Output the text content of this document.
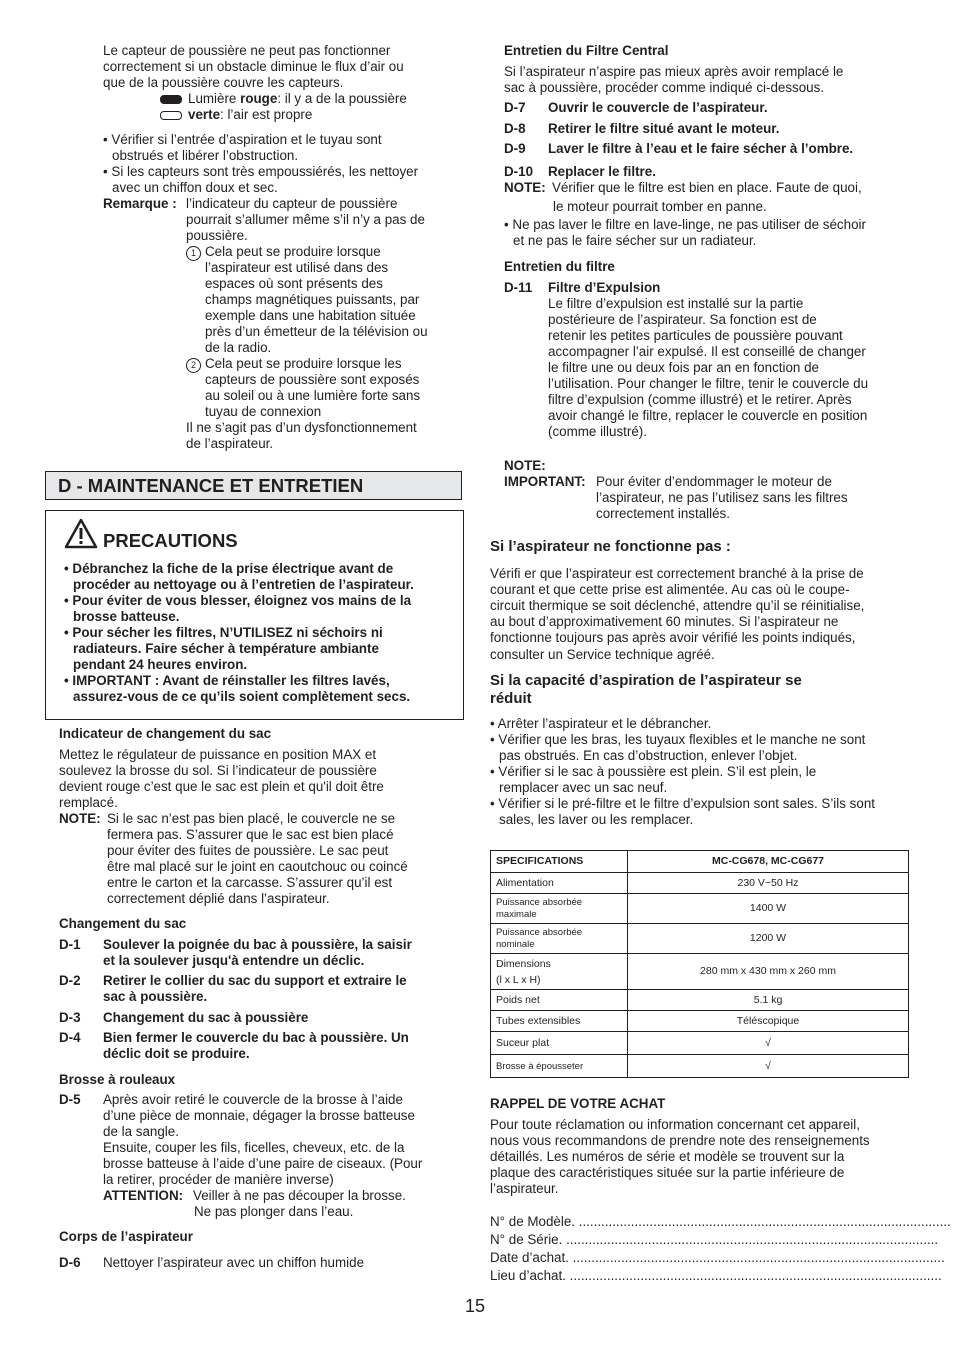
Le capteur de poussière ne peut pas fonctionner

correctement si un obstacle diminue le flux d’air ou

que de la poussière couvre les capteurs.

Lumière rouge: il y a de la poussière
verte: l’air est propre

• Vérifier si l’entrée d’aspiration et le tuyau sont

obstrués et libérer l’obstruction.

• Si les capteurs sont très empoussiérés, les nettoyer

avec un chiffon doux et sec.

Remarque : l’indicateur du capteur de poussière

pourrait s’allumer même s’il n’y a pas de

poussière.

1 Cela peut se produire lorsque

l’aspirateur est utilisé dans des

espaces où sont présents des

champs magnétiques puissants, par

exemple dans une habitation située

près d’un émetteur de la télévision ou

de la radio.

2 Cela peut se produire lorsque les

capteurs de poussière sont exposés

au soleil ou à une lumière forte sans

tuyau de connexion

Il ne s’agit pas d’un dysfonctionnement

de l’aspirateur.

D - MAINTENANCE ET ENTRETIEN
PRECAUTIONS

• Débranchez la fiche de la prise électrique avant de

procéder au nettoyage ou à l’entretien de l’aspirateur.

• Pour éviter de vous blesser, éloignez vos mains de la

brosse batteuse.

• Pour sécher les filtres, N’UTILISEZ ni séchoirs ni

radiateurs. Faire sécher à température ambiante

pendant 24 heures environ.

• IMPORTANT : Avant de réinstaller les filtres lavés,

assurez-vous de ce qu’ils soient complètement secs.

Indicateur de changement du sac

Mettez le régulateur de puissance en position MAX et

soulevez la brosse du sol. Si l’indicateur de poussière

devient rouge c’est que le sac est plein et qu'il doit être

remplacé.

NOTE: Si le sac n’est pas bien placé, le couvercle ne se

fermera pas. S’assurer que le sac est bien placé

pour éviter des fuites de poussière. Le sac peut

être mal placé sur le joint en caoutchouc ou coincé

entre le carton et la carcasse. S’assurer qu’il est

correctement déplié dans l’aspirateur.

Changement du sac
D-1 Soulever la poignée du bac à poussière, la saisir

et la soulever jusqu'à entendre un déclic.

D-2 Retirer le collier du sac du support et extraire le

sac à poussière.

D-3 Changement du sac à poussière

D-4 Bien fermer le couvercle du bac à poussière. Un

déclic doit se produire.

Brosse à rouleaux
D-5 Après avoir retiré le couvercle de la brosse à l’aide

d’une pièce de monnaie, dégager la brosse batteuse

de la sangle.

Ensuite, couper les fils, ficelles, cheveux, etc. de la

brosse batteuse à l’aide d’une paire de ciseaux. (Pour

la retirer, procéder de manière inverse)

ATTENTION: Veiller à ne pas découper la brosse.
Ne pas plonger dans l’eau.
Corps de l’aspirateur
D-6 Nettoyer l’aspirateur avec un chiffon humide

Entretien du Filtre Central

Si l’aspirateur n’aspire pas mieux après avoir remplacé le

sac à poussière, procéder comme indiqué ci-dessous.

D-7 Ouvrir le couvercle de l’aspirateur.
D-8 Retirer le filtre situé avant le moteur.
D-9 Laver le filtre à l’eau et le faire sécher à l’ombre.
D-10 Replacer le filtre.
NOTE: Vérifier que le filtre est bien en place. Faute de quoi,
le moteur pourrait tomber en panne.

• Ne pas laver le filtre en lave-linge, ne pas utiliser de séchoir

et ne pas le faire sécher sur un radiateur.

Entretien du filtre
D-11 Filtre d’Expulsion

Le filtre d’expulsion est installé sur la partie

postérieure de l’aspirateur. Sa fonction est de

retenir les petites particules de poussière pouvant

accompagner l’air expulsé. Il est conseillé de changer

le filtre une ou deux fois par an en fonction de

l’utilisation. Pour changer le filtre, tenir le couvercle du

filtre d’expulsion (comme illustré) et le retirer. Après

avoir changé le filtre, replacer le couvercle en position

(comme illustré).

NOTE:
IMPORTANT: Pour éviter d’endommager le moteur de

l’aspirateur, ne pas l’utilisez sans les filtres

correctement installés.

Si l’aspirateur ne fonctionne pas :

Vérifi er que l’aspirateur est correctement branché à la prise de

courant et que cette prise est alimentée. Au cas où le coupe-

circuit thermique se soit déclenché, attendre qu’il se réinitialise,

au bout d’approximativement 60 minutes. Si l’aspirateur ne

fonctionne toujours pas après avoir vérifié les points indiqués,

consulter un Service technique agréé.

Si la capacité d’aspiration de l’aspirateur se

réduit

• Arrêter l’aspirateur et le débrancher.

• Vérifier que les bras, les tuyaux flexibles et le manche ne sont

pas obstrués. En cas d’obstruction, enlever l’objet.

• Vérifier si le sac à poussière est plein. S’il est plein, le

remplacer avec un sac neuf.

• Vérifier si le pré-filtre et le filtre d’expulsion sont sales. S’ils sont

sales, les laver ou les remplacer.

SPECIFICATIONS	MC-CG678, MC-CG677
Alimentation	230 V~50 Hz
Puissance absorbée
maximale	1400 W
Puissance absorbée
nominale	1200 W
Dimensions
(l x L x H)	280 mm x 430 mm x 260 mm
Poids net	5.1 kg
Tubes extensibles	Téléscopique
Suceur plat	√
Brosse à épousseter	√
RAPPEL DE VOTRE ACHAT

Pour toute réclamation ou information concernant cet appareil,

nous vous recommandons de prendre note des renseignements

détaillés. Les numéros de série et modèle se trouvent sur la

plaque des caractéristiques située sur la partie inférieure de

l’aspirateur.

N° de Modèle. ....................................................................................................
N° de Série. ....................................................................................................
Date d’achat. ....................................................................................................
Lieu d’achat. ....................................................................................................
15
